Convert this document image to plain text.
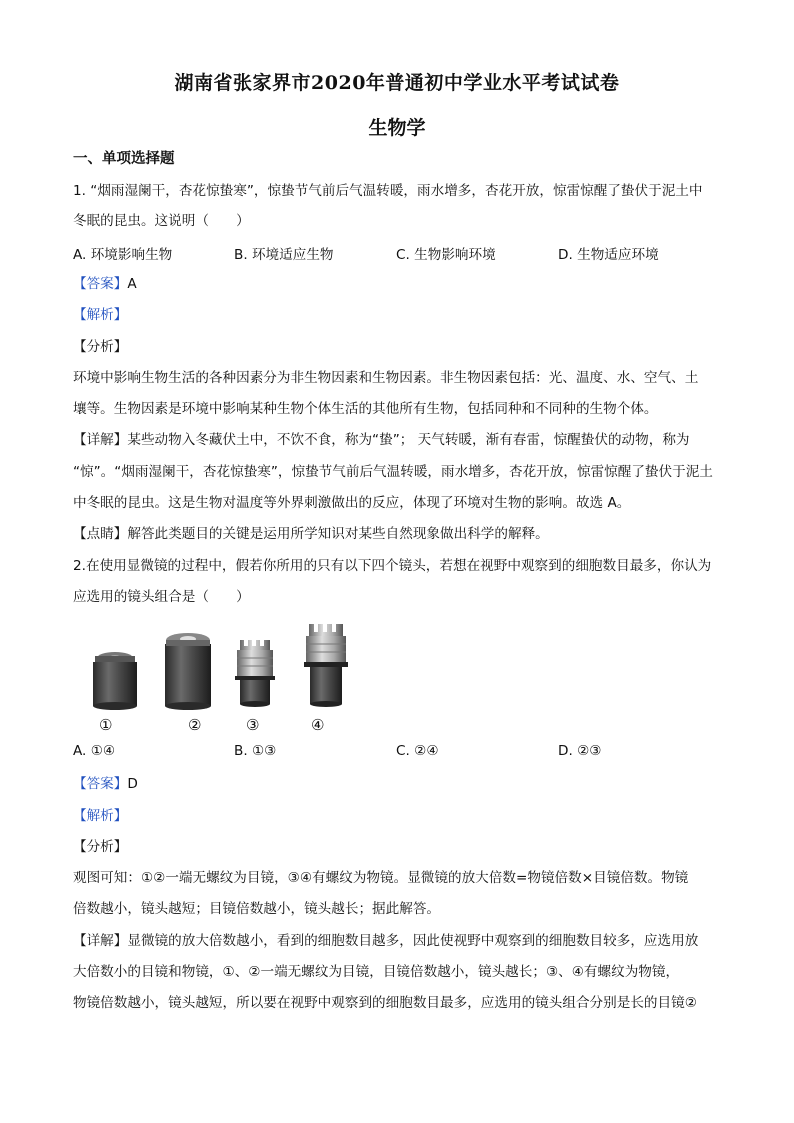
湖南省张家界市2020年普通初中学业水平考试试卷
生物学
一、单项选择题
1. “烟雨湿阑干，杏花惊蛰寒”，惊蛰节气前后气温转暖，雨水增多，杏花开放，惊雷惊醒了蛰伏于泥土中
冬眠的昆虫。这说明（　　）
A. 环境影响生物	B. 环境适应生物	C. 生物影响环境	D. 生物适应环境
【答案】A
【解析】
【分析】
环境中影响生物生活的各种因素分为非生物因素和生物因素。非生物因素包括：光、温度、水、空气、土
壤等。生物因素是环境中影响某种生物个体生活的其他所有生物，包括同种和不同种的生物个体。
【详解】某些动物入冬藏伏土中，不饮不食，称为“蛰”； 天气转暖，渐有春雷，惊醒蛰伏的动物，称为
“惊”。“烟雨湿阑干，杏花惊蛰寒”，惊蛰节气前后气温转暖，雨水增多，杏花开放，惊雷惊醒了蛰伏于泥土
中冬眠的昆虫。这是生物对温度等外界刺激做出的反应，体现了环境对生物的影响。故选 A。
【点睛】解答此类题目的关键是运用所学知识对某些自然现象做出科学的解释。
2.在使用显微镜的过程中，假若你所用的只有以下四个镜头，若想在视野中观察到的细胞数目最多，你认为
应选用的镜头组合是（　　）
①	②	③	④
A. ①④	B. ①③	C. ②④	D. ②③
【答案】D
【解析】
【分析】
观图可知：①②一端无螺纹为目镜，③④有螺纹为物镜。显微镜的放大倍数=物镜倍数×目镜倍数。物镜
倍数越小，镜头越短；目镜倍数越小，镜头越长；据此解答。
【详解】显微镜的放大倍数越小，看到的细胞数目越多，因此使视野中观察到的细胞数目较多，应选用放
大倍数小的目镜和物镜，①、②一端无螺纹为目镜，目镜倍数越小，镜头越长；③、④有螺纹为物镜，
物镜倍数越小，镜头越短，所以要在视野中观察到的细胞数目最多，应选用的镜头组合分别是长的目镜②
